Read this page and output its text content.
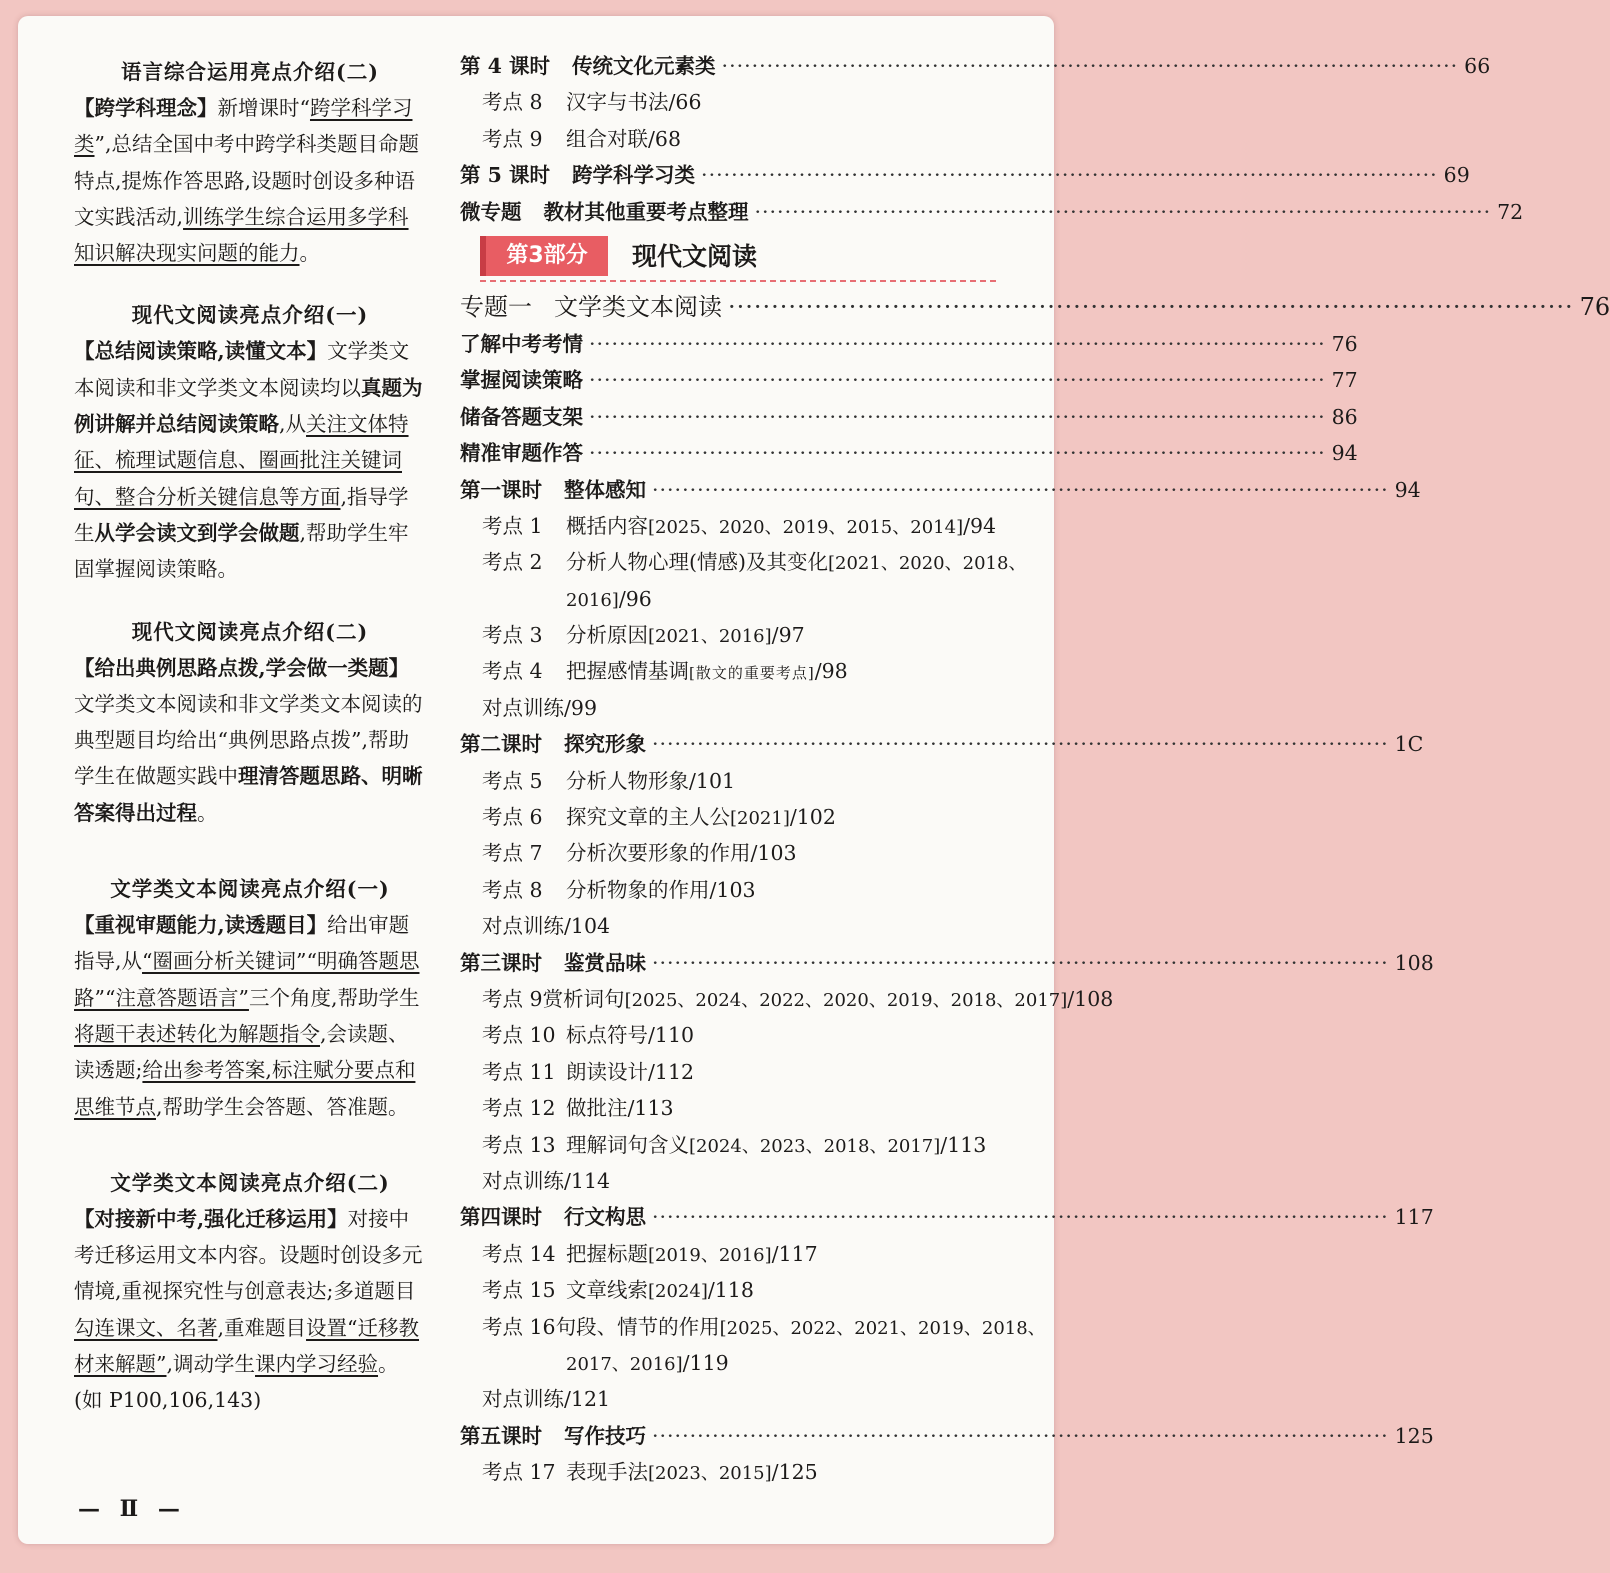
语言综合运用亮点介绍(二)
【跨学科理念】新增课时“跨学科学习类”,总结全国中考中跨学科类题目命题特点,提炼作答思路,设题时创设多种语文实践活动,训练学生综合运用多学科知识解决现实问题的能力。
现代文阅读亮点介绍(一)
【总结阅读策略,读懂文本】文学类文本阅读和非文学类文本阅读均以真题为例讲解并总结阅读策略,从关注文体特征、梳理试题信息、圈画批注关键词句、整合分析关键信息等方面,指导学生从学会读文到学会做题,帮助学生牢固掌握阅读策略。
现代文阅读亮点介绍(二)
【给出典例思路点拨,学会做一类题】文学类文本阅读和非文学类文本阅读的典型题目均给出“典例思路点拨”,帮助学生在做题实践中理清答题思路、明晰答案得出过程。
文学类文本阅读亮点介绍(一)
【重视审题能力,读透题目】给出审题指导,从“圈画分析关键词”“明确答题思路”“注意答题语言”三个角度,帮助学生将题干表述转化为解题指令,会读题、读透题;给出参考答案,标注赋分要点和思维节点,帮助学生会答题、答准题。
文学类文本阅读亮点介绍(二)
【对接新中考,强化迁移运用】对接中考迁移运用文本内容。设题时创设多元情境,重视探究性与创意表达;多道题目勾连课文、名著,重难题目设置“迁移教材来解题”,调动学生课内学习经验。(如 P100,106,143)
第 4 课时 传统文化元素类 ·····	66
考点 8	汉字与书法/66
考点 9	组合对联/68
第 5 课时 跨学科学习类 ·····	69
微专题 教材其他重要考点整理 ·····	72
第3部分	现代文阅读
专题一 文学类文本阅读 ·····	76
了解中考考情 ·····	76
掌握阅读策略 ·····	77
储备答题支架 ·····	86
精准审题作答 ·····	94
第一课时 整体感知 ·····	94
考点 1	概括内容 [2025、2020、2019、2015、2014] /94
考点 2	分析人物心理(情感)及其变化 [2021、2020、2018、
2016] /96
考点 3	分析原因 [2021、2016] /97
考点 4	把握感情基调 [散文的重要考点] /98
对点训练/99
第二课时 探究形象 ·····	1C
考点 5	分析人物形象/101
考点 6	探究文章的主人公 [2021] /102
考点 7	分析次要形象的作用/103
考点 8	分析物象的作用/103
对点训练/104
第三课时 鉴赏品味 ·····	108
考点 9 赏析词句 [2025、2024、2022、2020、2019、2018、2017] /108
考点 10 标点符号/110
考点 11 朗读设计/112
考点 12 做批注/113
考点 13 理解词句含义 [2024、2023、2018、2017] /113
对点训练/114
第四课时 行文构思 ·····	117
考点 14 把握标题 [2019、2016] /117
考点 15 文章线索 [2024] /118
考点 16 句段、情节的作用 [2025、2022、2021、2019、2018、
2017、2016] /119
对点训练/121
第五课时 写作技巧 ·····	125
考点 17 表现手法 [2023、2015] /125
— Ⅱ —
